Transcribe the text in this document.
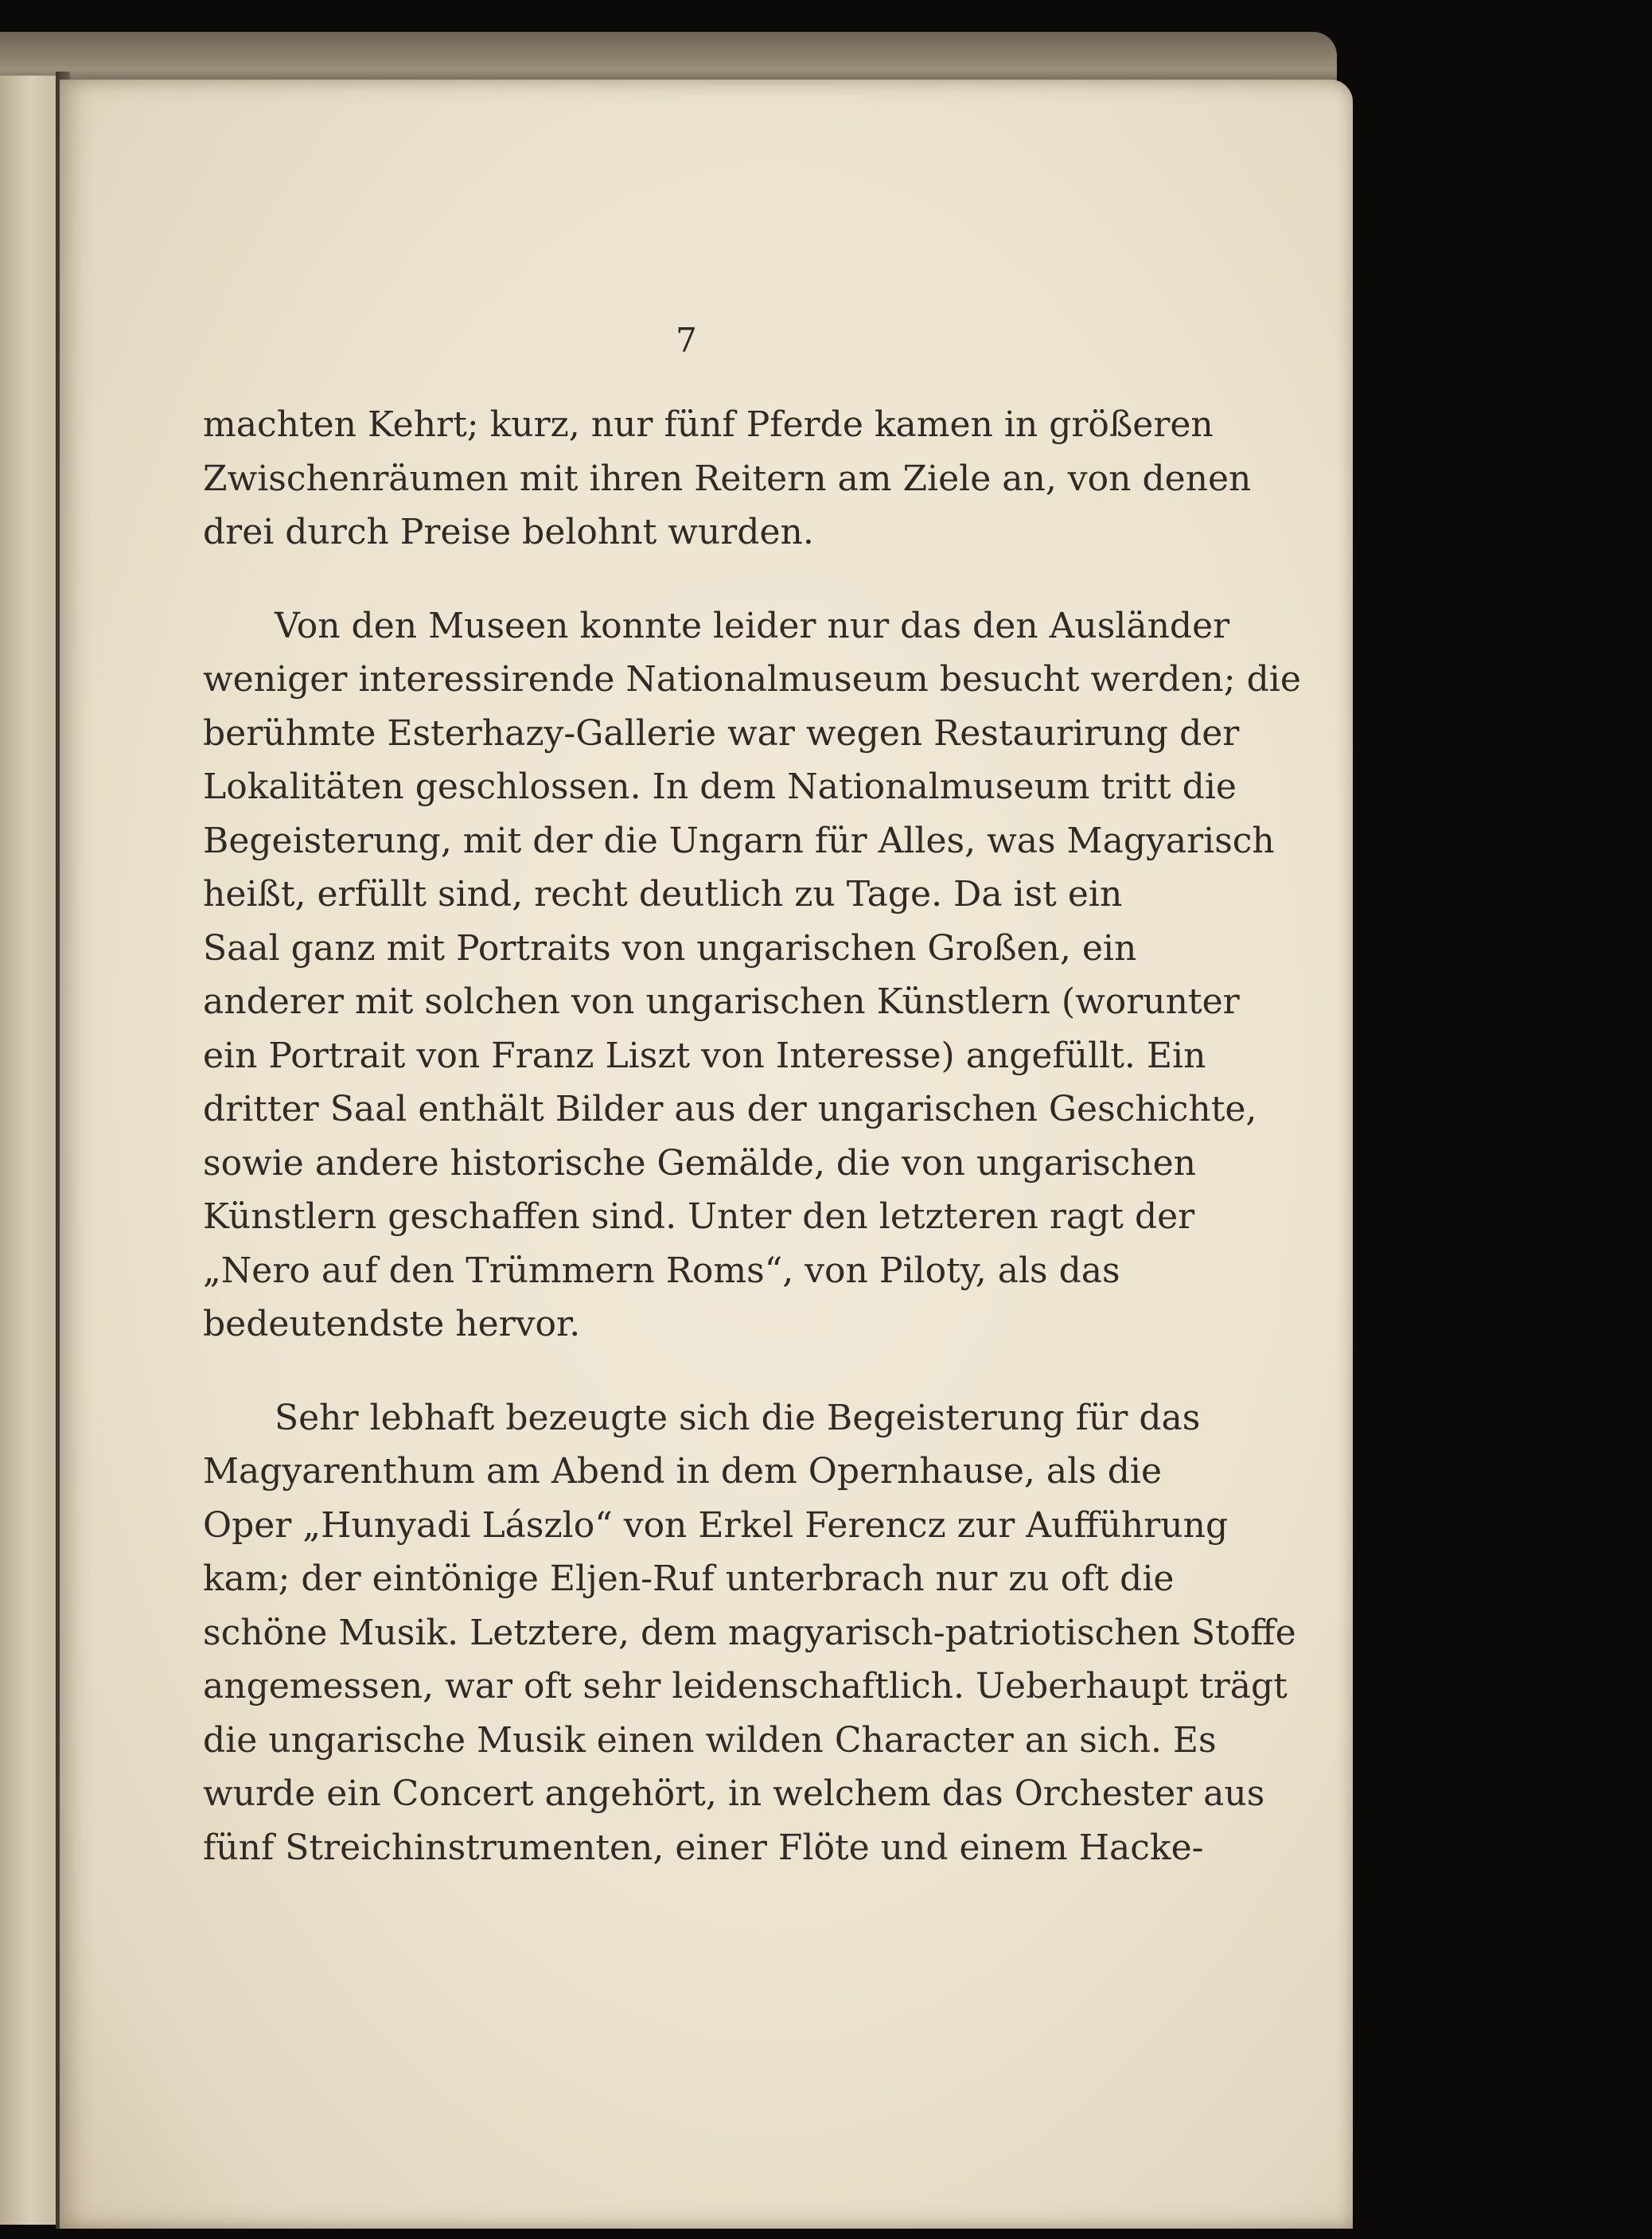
7

machten Kehrt; kurz, nur fünf Pferde kamen in größeren
Zwischenräumen mit ihren Reitern am Ziele an, von denen
drei durch Preise belohnt wurden.

Von den Museen konnte leider nur das den Ausländer
weniger interessirende Nationalmuseum besucht werden; die
berühmte Esterhazy-Gallerie war wegen Restaurirung der
Lokalitäten geschlossen. In dem Nationalmuseum tritt die
Begeisterung, mit der die Ungarn für Alles, was Magyarisch
heißt, erfüllt sind, recht deutlich zu Tage. Da ist ein
Saal ganz mit Portraits von ungarischen Großen, ein
anderer mit solchen von ungarischen Künstlern (worunter
ein Portrait von Franz Liszt von Interesse) angefüllt. Ein
dritter Saal enthält Bilder aus der ungarischen Geschichte,
sowie andere historische Gemälde, die von ungarischen
Künstlern geschaffen sind. Unter den letzteren ragt der
„Nero auf den Trümmern Roms“, von Piloty, als das
bedeutendste hervor.

Sehr lebhaft bezeugte sich die Begeisterung für das
Magyarenthum am Abend in dem Opernhause, als die
Oper „Hunyadi Lászlo“ von Erkel Ferencz zur Aufführung
kam; der eintönige Eljen-Ruf unterbrach nur zu oft die
schöne Musik. Letztere, dem magyarisch-patriotischen Stoffe
angemessen, war oft sehr leidenschaftlich. Ueberhaupt trägt
die ungarische Musik einen wilden Character an sich. Es
wurde ein Concert angehört, in welchem das Orchester aus
fünf Streichinstrumenten, einer Flöte und einem Hacke-
